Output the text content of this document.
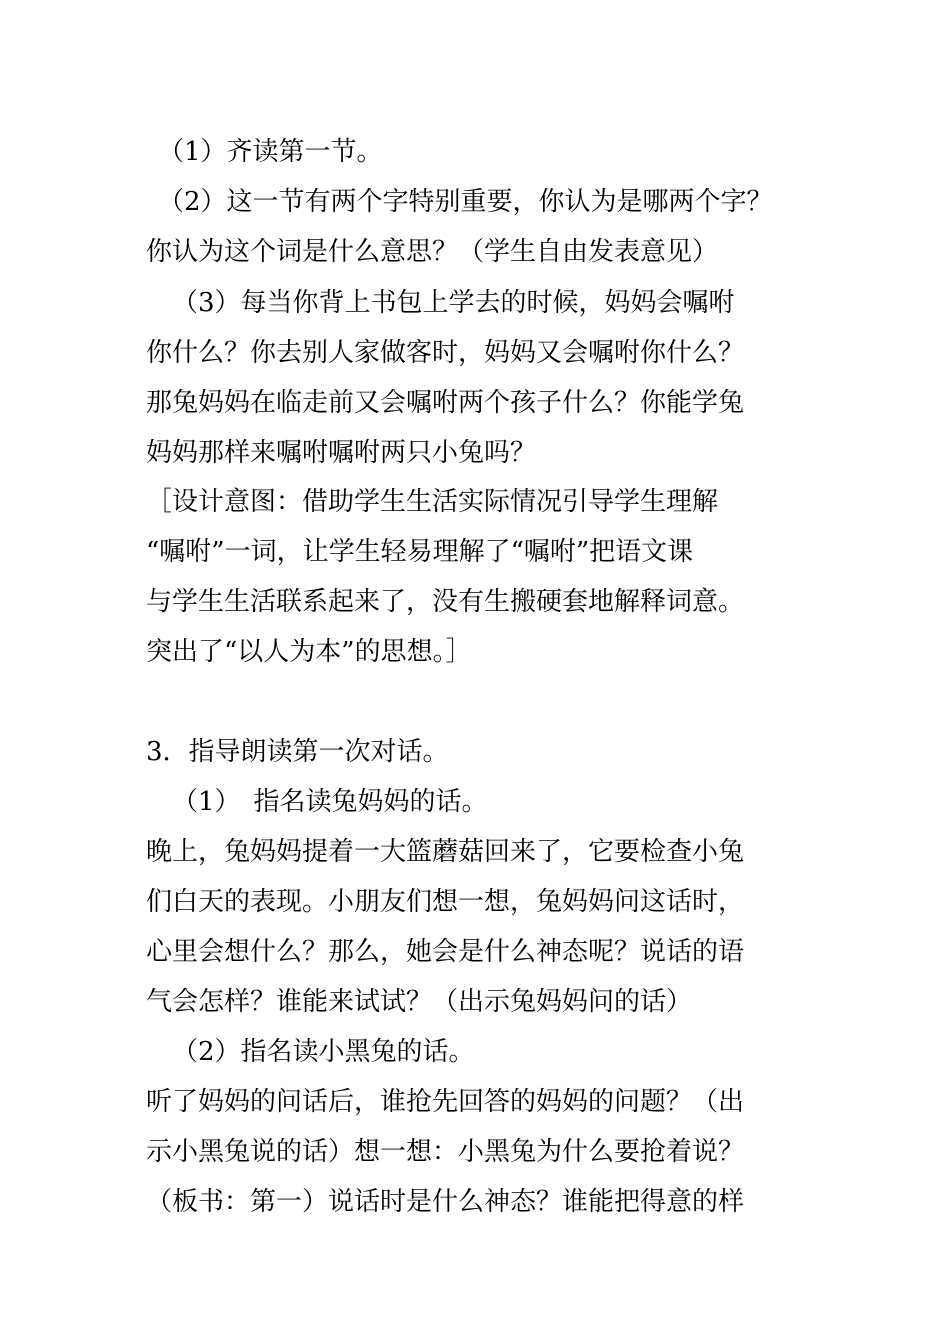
（1）齐读第一节。
（2）这一节有两个字特别重要，你认为是哪两个字？
你认为这个词是什么意思？（学生自由发表意见）
（3）每当你背上书包上学去的时候，妈妈会嘱咐
你什么？你去别人家做客时，妈妈又会嘱咐你什么？
那兔妈妈在临走前又会嘱咐两个孩子什么？你能学兔
妈妈那样来嘱咐嘱咐两只小兔吗？
［设计意图：借助学生生活实际情况引导学生理解
“嘱咐”一词，让学生轻易理解了“嘱咐”把语文课
与学生生活联系起来了，没有生搬硬套地解释词意。
突出了“以人为本”的思想。］
3．指导朗读第一次对话。
（1）　指名读兔妈妈的话。
晚上，兔妈妈提着一大篮蘑菇回来了，它要检查小兔
们白天的表现。小朋友们想一想，兔妈妈问这话时，
心里会想什么？那么，她会是什么神态呢？说话的语
气会怎样？谁能来试试？（出示兔妈妈问的话）
（2）指名读小黑兔的话。
听了妈妈的问话后，谁抢先回答的妈妈的问题？（出
示小黑兔说的话）想一想：小黑兔为什么要抢着说？
（板书：第一）说话时是什么神态？谁能把得意的样
